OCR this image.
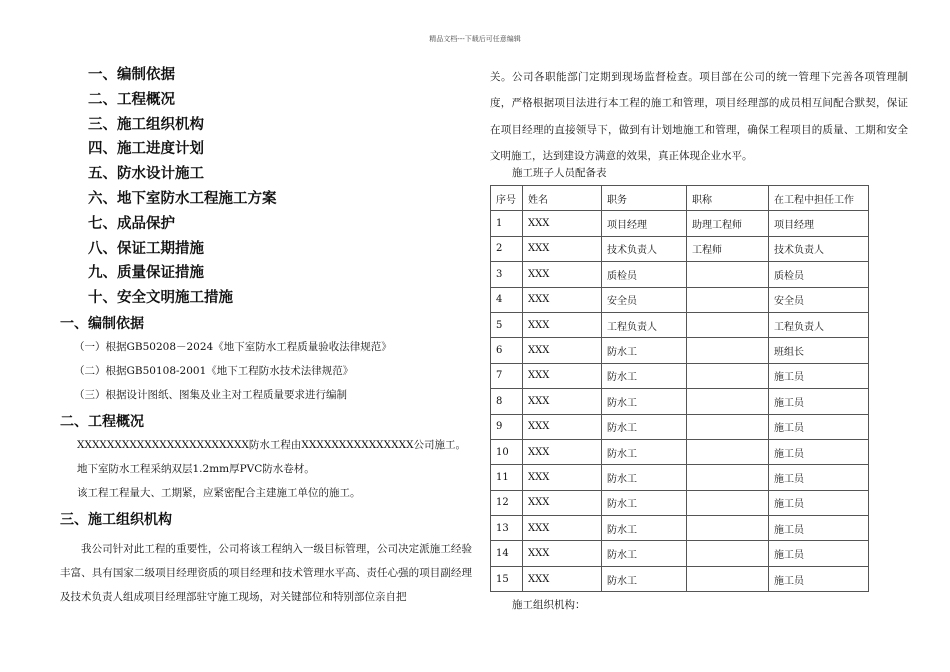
精品文档---下载后可任意编辑
一、编制依据
二、工程概况
三、施工组织机构
四、施工进度计划
五、防水设计施工
六、地下室防水工程施工方案
七、成品保护
八、保证工期措施
九、质量保证措施
十、安全文明施工措施
一、编制依据
（一）根据GB50208－2024《地下室防水工程质量验收法律规范》
（二）根据GB50108-2001《地下工程防水技术法律规范》
（三）根据设计图纸、图集及业主对工程质量要求进行编制
二、工程概况
XXXXXXXXXXXXXXXXXXXXXXX防水工程由XXXXXXXXXXXXXXX公司施工。
地下室防水工程采纳双层1.2mm厚PVC防水卷材。
该工程工程量大、工期紧，应紧密配合主建施工单位的施工。
三、施工组织机构
我公司针对此工程的重要性，公司将该工程纳入一级目标管理，公司决定派施工经验丰富、具有国家二级项目经理资质的项目经理和技术管理水平高、责任心强的项目副经理及技术负责人组成项目经理部驻守施工现场，对关键部位和特别部位亲自把
关。公司各职能部门定期到现场监督检查。项目部在公司的统一管理下完善各项管理制度，严格根据项目法进行本工程的施工和管理，项目经理部的成员相互间配合默契，保证在项目经理的直接领导下，做到有计划地施工和管理，确保工程项目的质量、工期和安全文明施工，达到建设方满意的效果，真正体现企业水平。
施工班子人员配备表
序号	姓名	职务	职称	在工程中担任工作
1	XXX	项目经理	助理工程师	项目经理
2	XXX	技术负责人	工程师	技术负责人
3	XXX	质检员		质检员
4	XXX	安全员		安全员
5	XXX	工程负责人		工程负责人
6	XXX	防水工		班组长
7	XXX	防水工		施工员
8	XXX	防水工		施工员
9	XXX	防水工		施工员
10	XXX	防水工		施工员
11	XXX	防水工		施工员
12	XXX	防水工		施工员
13	XXX	防水工		施工员
14	XXX	防水工		施工员
15	XXX	防水工		施工员
施工组织机构：
